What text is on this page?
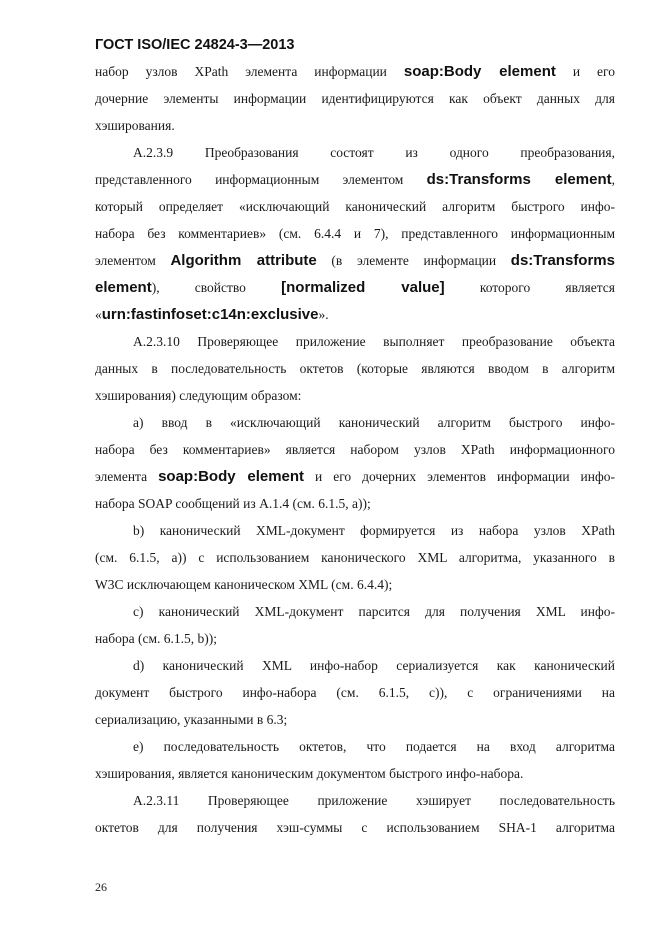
ГОСТ ISO/IEC 24824-3—2013
набор узлов XPath элемента информации soap:Body element и его
дочерние элементы информации идентифицируются как объект данных для
хэширования.
А.2.3.9 Преобразования состоят из одного преобразования,
представленного информационным элементом ds:Transforms element,
который определяет «исключающий канонический алгоритм быстрого инфо-
набора без комментариев» (см. 6.4.4 и 7), представленного информационным
элементом Algorithm attribute (в элементе информации ds:Transforms
element), свойство [normalized value] которого является
«urn:fastinfoset:c14n:exclusive».
А.2.3.10 Проверяющее приложение выполняет преобразование объекта
данных в последовательность октетов (которые являются вводом в алгоритм
хэширования) следующим образом:
а) ввод в «исключающий канонический алгоритм быстрого инфо-
набора без комментариев» является набором узлов XPath информационного
элемента soap:Body element и его дочерних элементов информации инфо-
набора SOAP сообщений из А.1.4 (см. 6.1.5, а));
b) канонический XML-документ формируется из набора узлов XPath
(см. 6.1.5, а)) с использованием канонического XML алгоритма, указанного в
W3C исключающем каноническом XML (см. 6.4.4);
с) канонический XML-документ парсится для получения XML инфо-
набора (см. 6.1.5, b));
d) канонический XML инфо-набор сериализуется как канонический
документ быстрого инфо-набора (см. 6.1.5, с)), с ограничениями на
сериализацию, указанными в 6.3;
е) последовательность октетов, что подается на вход алгоритма
хэширования, является каноническим документом быстрого инфо-набора.
А.2.3.11 Проверяющее приложение хэширует последовательность
октетов для получения хэш-суммы с использованием SHA-1 алгоритма
26
